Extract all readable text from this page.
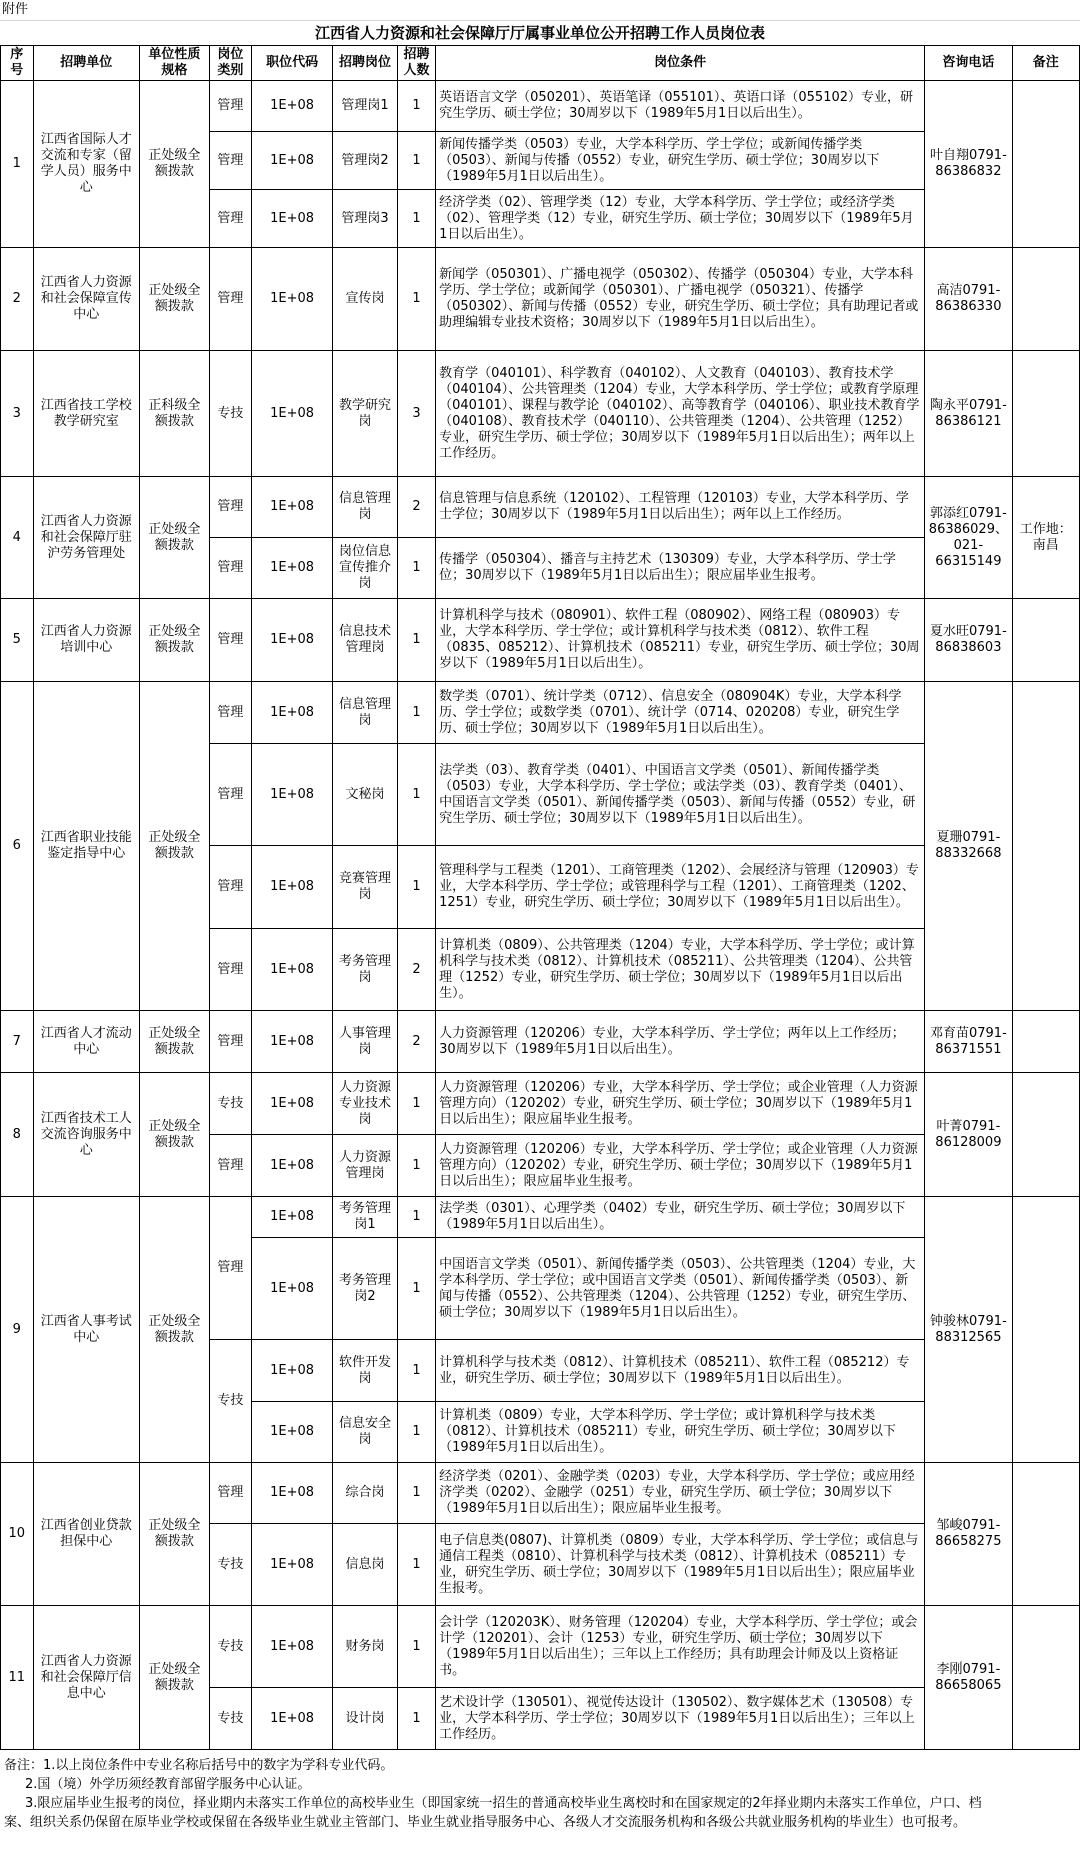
附件
江西省人力资源和社会保障厅厅属事业单位公开招聘工作人员岗位表
序号	招聘单位	单位性质规格	岗位类别	职位代码	招聘岗位	招聘人数	岗位条件	咨询电话	备注
1	江西省国际人才交流和专家（留学人员）服务中心	正处级全额拨款	管理	1E+08	管理岗1	1	英语语言文学（050201）、英语笔译（055101）、英语口译（055102）专业，研究生学历、硕士学位；30周岁以下（1989年5月1日以后出生）。	叶自翔0791-86386832	
			管理	1E+08	管理岗2	1	新闻传播学类（0503）专业，大学本科学历、学士学位；或新闻传播学类（0503）、新闻与传播（0552）专业，研究生学历、硕士学位；30周岁以下（1989年5月1日以后出生）。		
			管理	1E+08	管理岗3	1	经济学类（02）、管理学类（12）专业，大学本科学历、学士学位；或经济学类（02）、管理学类（12）专业，研究生学历、硕士学位；30周岁以下（1989年5月1日以后出生）。		
2	江西省人力资源和社会保障宣传中心	正处级全额拨款	管理	1E+08	宣传岗	1	新闻学（050301）、广播电视学（050302）、传播学（050304）专业，大学本科学历、学士学位；或新闻学（050301）、广播电视学（050321）、传播学（050302）、新闻与传播（0552）专业，研究生学历、硕士学位；具有助理记者或助理编辑专业技术资格；30周岁以下（1989年5月1日以后出生）。	高洁0791-86386330	
3	江西省技工学校教学研究室	正科级全额拨款	专技	1E+08	教学研究岗	3	教育学（040101）、科学教育（040102）、人文教育（040103）、教育技术学（040104）、公共管理类（1204）专业，大学本科学历、学士学位；或教育学原理（040101）、课程与教学论（040102）、高等教育学（040106）、职业技术教育学（040108）、教育技术学（040110）、公共管理类（1204）、公共管理（1252）专业，研究生学历、硕士学位；30周岁以下（1989年5月1日以后出生）；两年以上工作经历。	陶永平0791-86386121	
4	江西省人力资源和社会保障厅驻沪劳务管理处	正处级全额拨款	管理	1E+08	信息管理岗	2	信息管理与信息系统（120102）、工程管理（120103）专业，大学本科学历、学士学位；30周岁以下（1989年5月1日以后出生）；两年以上工作经历。	郭添红0791-86386029、021-66315149	工作地：南昌
			管理	1E+08	岗位信息宣传推介岗	1	传播学（050304）、播音与主持艺术（130309）专业，大学本科学历、学士学位；30周岁以下（1989年5月1日以后出生）；限应届毕业生报考。		
5	江西省人力资源培训中心	正处级全额拨款	管理	1E+08	信息技术管理岗	1	计算机科学与技术（080901）、软件工程（080902）、网络工程（080903）专业，大学本科学历、学士学位；或计算机科学与技术类（0812）、软件工程（0835、085212）、计算机技术（085211）专业，研究生学历、硕士学位；30周岁以下（1989年5月1日以后出生）。	夏水旺0791-86838603	
6	江西省职业技能鉴定指导中心	正处级全额拨款	管理	1E+08	信息管理岗	1	数学类（0701）、统计学类（0712）、信息安全（080904K）专业，大学本科学历、学士学位；或数学类（0701）、统计学（0714、020208）专业，研究生学历、硕士学位；30周岁以下（1989年5月1日以后出生）。	夏珊0791-88332668	
			管理	1E+08	文秘岗	1	法学类（03）、教育学类（0401）、中国语言文学类（0501）、新闻传播学类（0503）专业，大学本科学历、学士学位；或法学类（03）、教育学类（0401）、中国语言文学类（0501）、新闻传播学类（0503）、新闻与传播（0552）专业，研究生学历、硕士学位；30周岁以下（1989年5月1日以后出生）。		
			管理	1E+08	竞赛管理岗	1	管理科学与工程类（1201）、工商管理类（1202）、会展经济与管理（120903）专业，大学本科学历、学士学位；或管理科学与工程（1201）、工商管理类（1202、1251）专业，研究生学历、硕士学位；30周岁以下（1989年5月1日以后出生）。		
			管理	1E+08	考务管理岗	2	计算机类（0809）、公共管理类（1204）专业，大学本科学历、学士学位；或计算机科学与技术类（0812）、计算机技术（085211）、公共管理类（1204）、公共管理（1252）专业，研究生学历、硕士学位；30周岁以下（1989年5月1日以后出生）。		
7	江西省人才流动中心	正处级全额拨款	管理	1E+08	人事管理岗	2	人力资源管理（120206）专业，大学本科学历、学士学位；两年以上工作经历；30周岁以下（1989年5月1日以后出生）。	邓育苗0791-86371551	
8	江西省技术工人交流咨询服务中心	正处级全额拨款	专技	1E+08	人力资源专业技术岗	1	人力资源管理（120206）专业，大学本科学历、学士学位；或企业管理（人力资源管理方向）（120202）专业，研究生学历、硕士学位；30周岁以下（1989年5月1日以后出生）；限应届毕业生报考。	叶菁0791-86128009	
			管理	1E+08	人力资源管理岗	1	人力资源管理（120206）专业，大学本科学历、学士学位；或企业管理（人力资源管理方向）（120202）专业，研究生学历、硕士学位；30周岁以下（1989年5月1日以后出生）；限应届毕业生报考。		
9	江西省人事考试中心	正处级全额拨款	管理	1E+08	考务管理岗1	1	法学类（0301）、心理学类（0402）专业，研究生学历、硕士学位；30周岁以下（1989年5月1日以后出生）。	钟骏林0791-88312565	
				1E+08	考务管理岗2	1	中国语言文学类（0501）、新闻传播学类（0503）、公共管理类（1204）专业，大学本科学历、学士学位；或中国语言文学类（0501）、新闻传播学类（0503）、新闻与传播（0552）、公共管理类（1204）、公共管理（1252）专业，研究生学历、硕士学位；30周岁以下（1989年5月1日以后出生）。		
			专技	1E+08	软件开发岗	1	计算机科学与技术类（0812）、计算机技术（085211）、软件工程（085212）专业，研究生学历、硕士学位；30周岁以下（1989年5月1日以后出生）。		
				1E+08	信息安全岗	1	计算机类（0809）专业，大学本科学历、学士学位；或计算机科学与技术类（0812）、计算机技术（085211）专业，研究生学历、硕士学位；30周岁以下（1989年5月1日以后出生）。		
10	江西省创业贷款担保中心	正处级全额拨款	管理	1E+08	综合岗	1	经济学类（0201）、金融学类（0203）专业，大学本科学历、学士学位；或应用经济学类（0202）、金融学（0251）专业，研究生学历、硕士学位；30周岁以下（1989年5月1日以后出生）；限应届毕业生报考。	邹峻0791-86658275	
			专技	1E+08	信息岗	1	电子信息类(0807)、计算机类（0809）专业，大学本科学历、学士学位；或信息与通信工程类（0810）、计算机科学与技术类（0812）、计算机技术（085211）专业，研究生学历、硕士学位；30周岁以下（1989年5月1日以后出生）；限应届毕业生报考。		
11	江西省人力资源和社会保障厅信息中心	正处级全额拨款	专技	1E+08	财务岗	1	会计学（120203K）、财务管理（120204）专业，大学本科学历、学士学位；或会计学（120201）、会计（1253）专业，研究生学历、硕士学位；30周岁以下（1989年5月1日以后出生）；三年以上工作经历；具有助理会计师及以上资格证书。	李刚0791-86658065	
			专技	1E+08	设计岗	1	艺术设计学（130501）、视觉传达设计（130502）、数字媒体艺术（130508）专业，大学本科学历、学士学位；30周岁以下（1989年5月1日以后出生）；三年以上工作经历。		
备注：1.以上岗位条件中专业名称后括号中的数字为学科专业代码。
2.国（境）外学历须经教育部留学服务中心认证。
3.限应届毕业生报考的岗位，择业期内未落实工作单位的高校毕业生（即国家统一招生的普通高校毕业生离校时和在国家规定的2年择业期内未落实工作单位，户口、档
案、组织关系仍保留在原毕业学校或保留在各级毕业生就业主管部门、毕业生就业指导服务中心、各级人才交流服务机构和各级公共就业服务机构的毕业生）也可报考。
